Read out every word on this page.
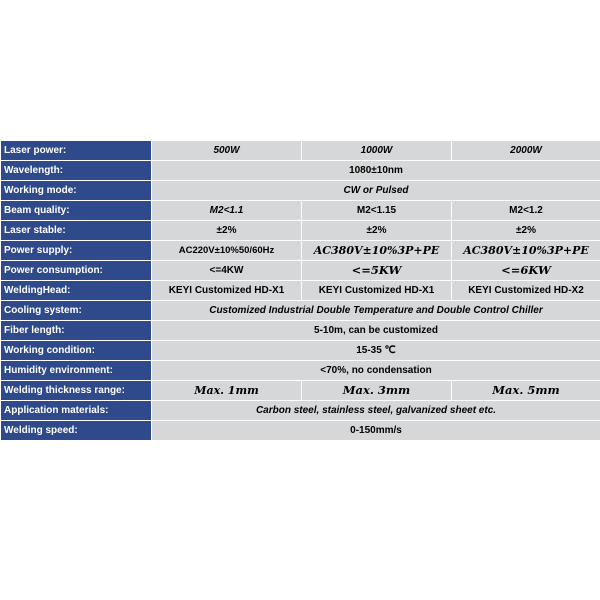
Laser power:	500W	1000W	2000W
Wavelength:	1080±10nm		
Working mode:	CW or Pulsed		
Beam quality:	M2<1.1	M2<1.15	M2<1.2
Laser stable:	±2%	±2%	±2%
Power supply:	AC220V±10%50/60Hz	AC380V±10%3P+PE	AC380V±10%3P+PE
Power consumption:	<=4KW	<=5KW	<=6KW
WeldingHead:	KEYI Customized HD-X1	KEYI Customized HD-X1	KEYI Customized HD-X2
Cooling system:	Customized Industrial Double Temperature and Double Control Chiller		
Fiber length:	5-10m, can be customized		
Working condition:	15-35 ℃		
Humidity environment:	<70%, no condensation		
Welding thickness range:	Max. 1mm	Max. 3mm	Max. 5mm
Application materials:	Carbon steel, stainless steel, galvanized sheet etc.		
Welding speed:	0-150mm/s		
